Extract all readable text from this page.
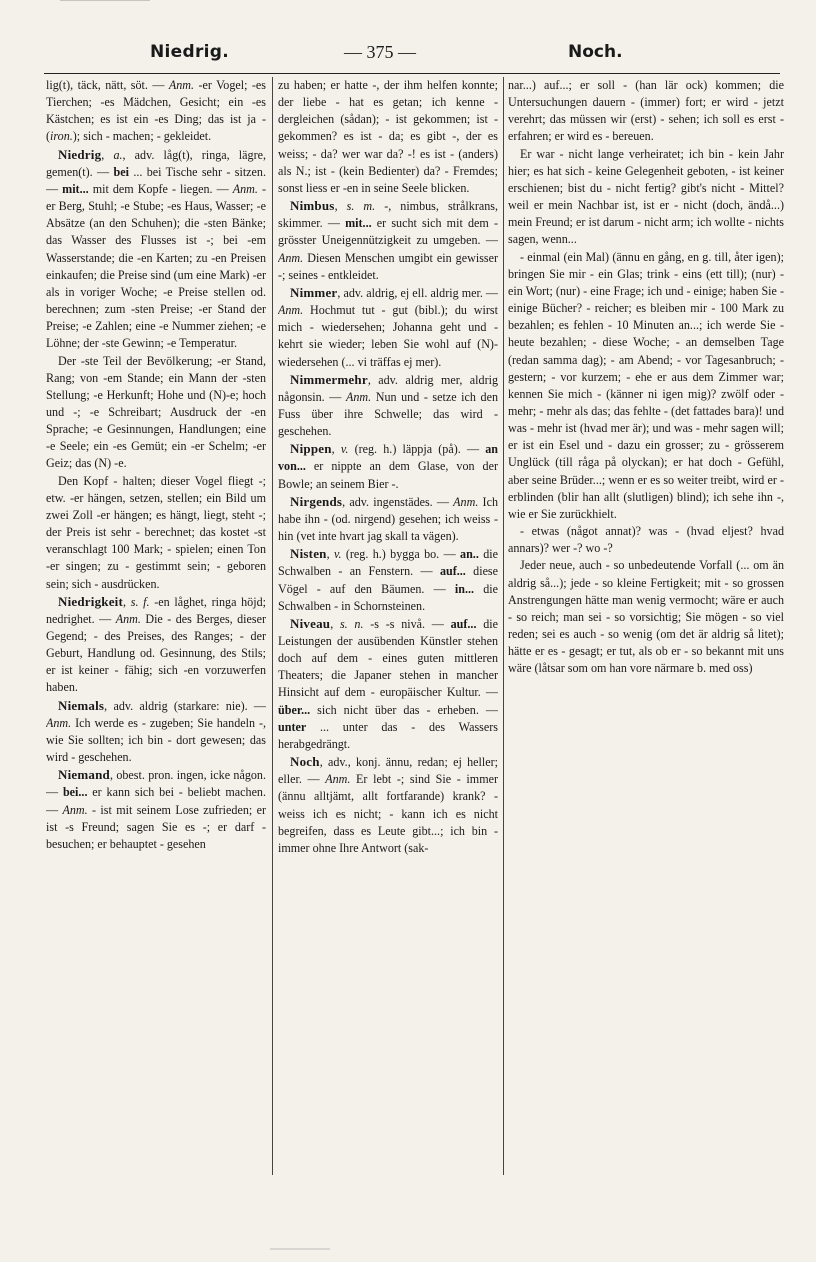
Niedrig.	— 375 —	Noch.

lig(t), täck, nätt, söt. — Anm. -er Vogel; -es Tierchen; -es Mädchen, Gesicht; ein -es Kästchen; es ist ein -es Ding; das ist ja - (iron.); sich - machen; - gekleidet.

Niedrig, a., adv. låg(t), ringa, lägre, gemen(t). — bei ... bei Tische sehr - sitzen. — mit... mit dem Kopfe - liegen. — Anm. -er Berg, Stuhl; -e Stube; -es Haus, Wasser; -e Absätze (an den Schuhen); die -sten Bänke; das Wasser des Flusses ist -; bei -em Wasserstande; die -en Karten; zu -en Preisen einkaufen; die Preise sind (um eine Mark) -er als in voriger Woche; -e Preise stellen od. berechnen; zum -sten Preise; -er Stand der Preise; -e Zahlen; eine -e Nummer ziehen; -e Löhne; der -ste Gewinn; -e Temperatur.

Der -ste Teil der Bevölkerung; -er Stand, Rang; von -em Stande; ein Mann der -sten Stellung; -e Herkunft; Hohe und (N)-e; hoch und -; -e Schreibart; Ausdruck der -en Sprache; -e Gesinnungen, Handlungen; eine -e Seele; ein -es Gemüt; ein -er Schelm; -er Geiz; das (N) -e.

Den Kopf - halten; dieser Vogel fliegt -; etw. -er hängen, setzen, stellen; ein Bild um zwei Zoll -er hängen; es hängt, liegt, steht -; der Preis ist sehr - berechnet; das kostet -st veranschlagt 100 Mark; - spielen; einen Ton -er singen; zu - gestimmt sein; - geboren sein; sich - ausdrücken.

Niedrigkeit, s. f. -en låghet, ringa höjd; nedrighet. — Anm. Die - des Berges, dieser Gegend; - des Preises, des Ranges; - der Geburt, Handlung od. Gesinnung, des Stils; er ist keiner - fähig; sich -en vorzuwerfen haben.

Niemals, adv. aldrig (starkare: nie). — Anm. Ich werde es - zugeben; Sie handeln -, wie Sie sollten; ich bin - dort gewesen; das wird - geschehen.

Niemand, obest. pron. ingen, icke någon. — bei... er kann sich bei - beliebt machen. — Anm. - ist mit seinem Lose zufrieden; er ist -s Freund; sagen Sie es -; er darf - besuchen; er behauptet - gesehen

zu haben; er hatte -, der ihm helfen konnte; der liebe - hat es getan; ich kenne - dergleichen (sådan); - ist gekommen; ist - gekommen? es ist - da; es gibt -, der es weiss; - da? wer war da? -! es ist - (anders) als N.; ist - (kein Bedienter) da? - Fremdes; sonst liess er -en in seine Seele blicken.

Nimbus, s. m. -, nimbus, strålkrans, skimmer. — mit... er sucht sich mit dem - grösster Uneigennützigkeit zu umgeben. — Anm. Diesen Menschen umgibt ein gewisser -; seines - entkleidet.

Nimmer, adv. aldrig, ej ell. aldrig mer. — Anm. Hochmut tut - gut (bibl.); du wirst mich - wiedersehen; Johanna geht und - kehrt sie wieder; leben Sie wohl auf (N)- wiedersehen (... vi träffas ej mer).

Nimmermehr, adv. aldrig mer, aldrig någonsin. — Anm. Nun und - setze ich den Fuss über ihre Schwelle; das wird - geschehen.

Nippen, v. (reg. h.) läppja (på). — an von... er nippte an dem Glase, von der Bowle; an seinem Bier -.

Nirgends, adv. ingenstädes. — Anm. Ich habe ihn - (od. nirgend) gesehen; ich weiss - hin (vet inte hvart jag skall ta vägen).

Nisten, v. (reg. h.) bygga bo. — an.. die Schwalben - an Fenstern. — auf... diese Vögel - auf den Bäumen. — in... die Schwalben - in Schornsteinen.

Niveau, s. n. -s -s nivå. — auf... die Leistungen der ausübenden Künstler stehen doch auf dem - eines guten mittleren Theaters; die Japaner stehen in mancher Hinsicht auf dem - europäischer Kultur. — über... sich nicht über das - erheben. — unter ... unter das - des Wassers herabgedrängt.

Noch, adv., konj. ännu, redan; ej heller; eller. — Anm. Er lebt -; sind Sie - immer (ännu alltjämt, allt fortfarande) krank? - weiss ich es nicht; - kann ich es nicht begreifen, dass es Leute gibt...; ich bin - immer ohne Ihre Antwort (sak-

nar...) auf...; er soll - (han lär ock) kommen; die Untersuchungen dauern - (immer) fort; er wird - jetzt verehrt; das müssen wir (erst) - sehen; ich soll es erst - erfahren; er wird es - bereuen.

Er war - nicht lange verheiratet; ich bin - kein Jahr hier; es hat sich - keine Gelegenheit geboten, - ist keiner erschienen; bist du - nicht fertig? gibt's nicht - Mittel? weil er mein Nachbar ist, ist er - nicht (doch, ändå...) mein Freund; er ist darum - nicht arm; ich wollte - nichts sagen, wenn...

- einmal (ein Mal) (ännu en gång, en g. till, åter igen); bringen Sie mir - ein Glas; trink - eins (ett till); (nur) - ein Wort; (nur) - eine Frage; ich und - einige; haben Sie - einige Bücher? - reicher; es bleiben mir - 100 Mark zu bezahlen; es fehlen - 10 Minuten an...; ich werde Sie - heute bezahlen; - diese Woche; - an demselben Tage (redan samma dag); - am Abend; - vor Tagesanbruch; - gestern; - vor kurzem; - ehe er aus dem Zimmer war; kennen Sie mich - (känner ni igen mig)? zwölf oder - mehr; - mehr als das; das fehlte - (det fattades bara)! und was - mehr ist (hvad mer är); und was - mehr sagen will; er ist ein Esel und - dazu ein grosser; zu - grösserem Unglück (till råga på olyckan); er hat doch - Gefühl, aber seine Brüder...; wenn er es so weiter treibt, wird er - erblinden (blir han allt (slutligen) blind); ich sehe ihn -, wie er Sie zurückhielt.

- etwas (något annat)? was - (hvad eljest? hvad annars)? wer -? wo -?

Jeder neue, auch - so unbedeutende Vorfall (... om än aldrig så...); jede - so kleine Fertigkeit; mit - so grossen Anstrengungen hätte man wenig vermocht; wäre er auch - so reich; man sei - so vorsichtig; Sie mögen - so viel reden; sei es auch - so wenig (om det är aldrig så litet); hätte er es - gesagt; er tut, als ob er - so bekannt mit uns wäre (låtsar som om han vore närmare b. med oss)
